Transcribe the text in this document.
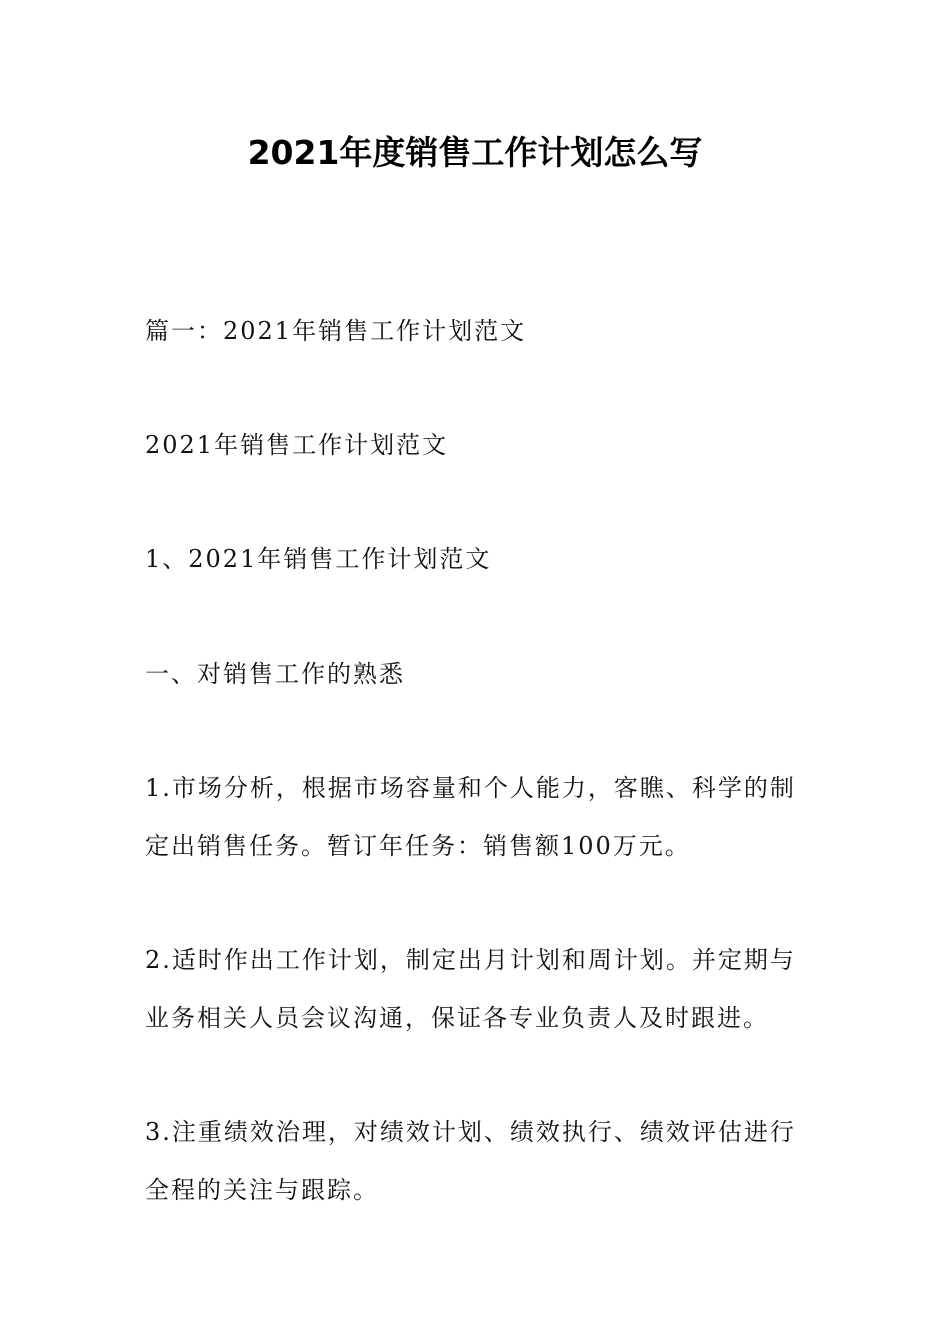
2021年度销售工作计划怎么写
篇一：2021年销售工作计划范文
2021年销售工作计划范文
1、2021年销售工作计划范文
一、对销售工作的熟悉
1.市场分析，根据市场容量和个人能力，客瞧、科学的制定出销售任务。暂订年任务：销售额100万元。
2.适时作出工作计划，制定出月计划和周计划。并定期与业务相关人员会议沟通，保证各专业负责人及时跟进。
3.注重绩效治理，对绩效计划、绩效执行、绩效评估进行全程的关注与跟踪。
